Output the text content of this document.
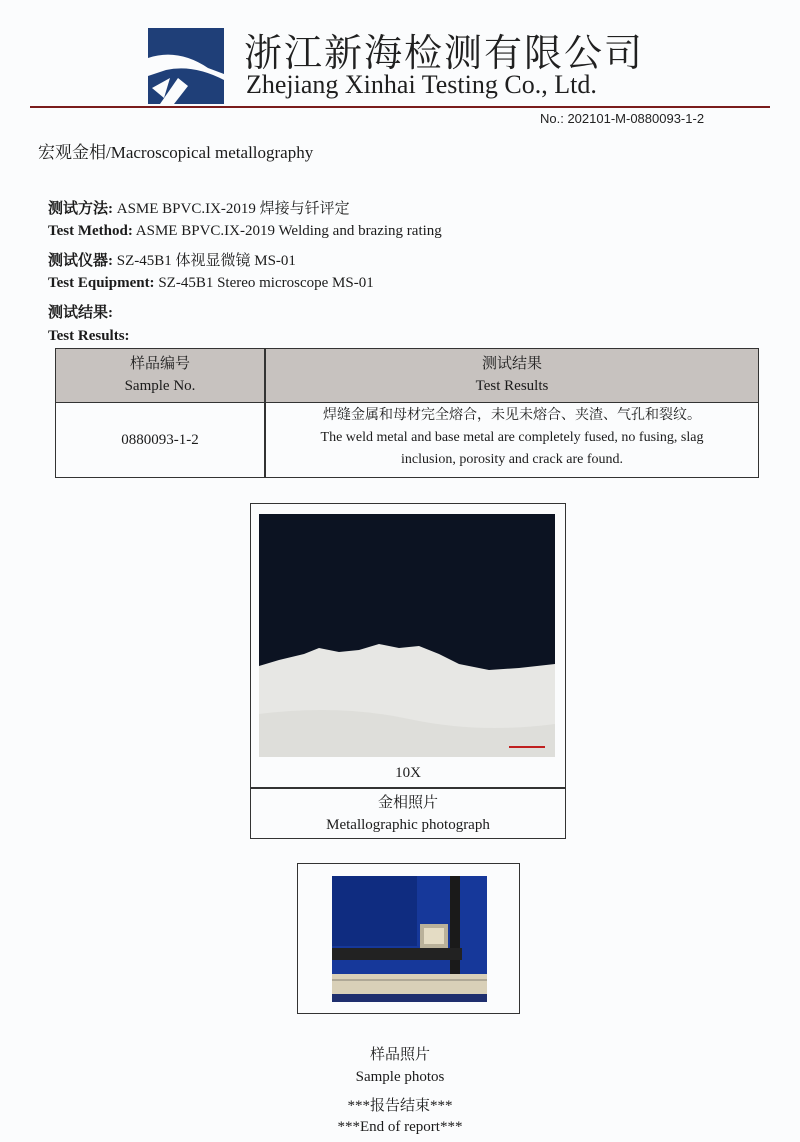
浙江新海检测有限公司
Zhejiang Xinhai Testing Co., Ltd.
No.: 202101-M-0880093-1-2
宏观金相/Macroscopical metallography
测试方法: ASME BPVC.IX-2019 焊接与钎评定
Test Method: ASME BPVC.IX-2019 Welding and brazing rating
测试仪器: SZ-45B1 体视显微镜 MS-01
Test Equipment: SZ-45B1 Stereo microscope MS-01
测试结果:
Test Results:
样品编号
Sample No.
测试结果
Test Results
0880093-1-2
焊缝金属和母材完全熔合，未见未熔合、夹渣、气孔和裂纹。
The weld metal and base metal are completely fused, no fusing, slag
inclusion, porosity and crack are found.
10X
金相照片
Metallographic photograph
样品照片
Sample photos
***报告结束***
***End of report***
